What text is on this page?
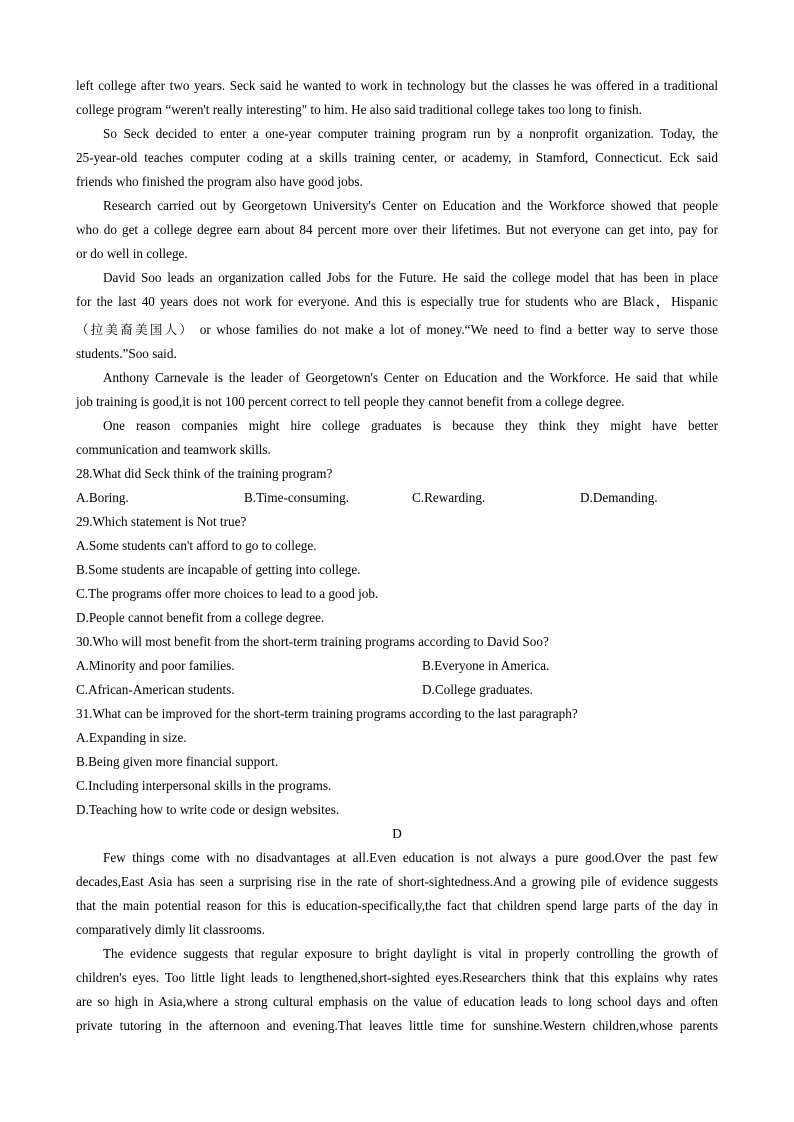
left college after two years. Seck said he wanted to work in technology but the classes he was offered in a traditional
college program “weren't really interesting" to him. He also said traditional college takes too long to finish.
So Seck decided to enter a one-year computer training program run by a nonprofit organization. Today, the
25-year-old teaches computer coding at a skills training center, or academy, in Stamford, Connecticut. Eck said
friends who finished the program also have good jobs.
Research carried out by Georgetown University's Center on Education and the Workforce showed that people
who do get a college degree earn about 84 percent more over their lifetimes. But not everyone can get into, pay for
or do well in college.
David Soo leads an organization called Jobs for the Future. He said the college model that has been in place
for the last 40 years does not work for everyone. And this is especially true for students who are Black，Hispanic
（拉美裔美国人） or whose families do not make a lot of money.“We need to find a better way to serve those
students.”Soo said.
Anthony Carnevale is the leader of Georgetown's Center on Education and the Workforce. He said that while
job training is good,it is not 100 percent correct to tell people they cannot benefit from a college degree.
One reason companies might hire college graduates is because they think they might have better
communication and teamwork skills.
28.What did Seck think of the training program?
A.Boring.	B.Time-consuming.	C.Rewarding.	D.Demanding.
29.Which statement is Not true?
A.Some students can't afford to go to college.
B.Some students are incapable of getting into college.
C.The programs offer more choices to lead to a good job.
D.People cannot benefit from a college degree.
30.Who will most benefit from the short-term training programs according to David Soo?
A.Minority and poor families.	B.Everyone in America.
C.African-American students.	D.College graduates.
31.What can be improved for the short-term training programs according to the last paragraph?
A.Expanding in size.
B.Being given more financial support.
C.Including interpersonal skills in the programs.
D.Teaching how to write code or design websites.
D
Few things come with no disadvantages at all.Even education is not always a pure good.Over the past few
decades,East Asia has seen a surprising rise in the rate of short-sightedness.And a growing pile of evidence suggests
that the main potential reason for this is education-specifically,the fact that children spend large parts of the day in
comparatively dimly lit classrooms.
The evidence suggests that regular exposure to bright daylight is vital in properly controlling the growth of
children's eyes. Too little light leads to lengthened,short-sighted eyes.Researchers think that this explains why rates
are so high in Asia,where a strong cultural emphasis on the value of education leads to long school days and often
private tutoring in the afternoon and evening.That leaves little time for sunshine.Western children,whose parents
